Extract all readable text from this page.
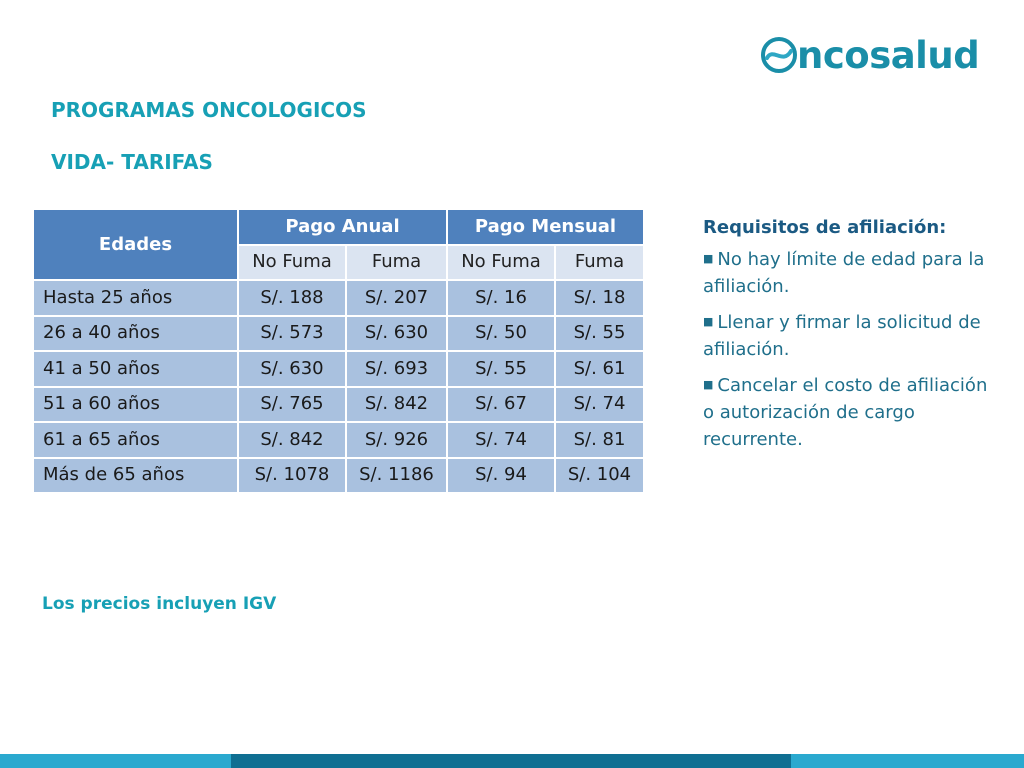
ncosalud
PROGRAMAS ONCOLOGICOS
VIDA- TARIFAS
Edades	Pago Anual		Pago Mensual	
	No Fuma	Fuma	No Fuma	Fuma
Hasta 25 años	S/. 188	S/. 207	S/. 16	S/. 18
26 a 40 años	S/. 573	S/. 630	S/. 50	S/. 55
41 a 50 años	S/. 630	S/. 693	S/. 55	S/. 61
51 a 60 años	S/. 765	S/. 842	S/. 67	S/. 74
61 a 65 años	S/. 842	S/. 926	S/. 74	S/. 81
Más de 65 años	S/. 1078	S/. 1186	S/. 94	S/. 104
Requisitos de afiliación:
■ No hay límite de edad para la afiliación.
■ Llenar y firmar la solicitud de afiliación.
■ Cancelar el costo de afiliación o autorización de cargo recurrente.
Los precios incluyen IGV
